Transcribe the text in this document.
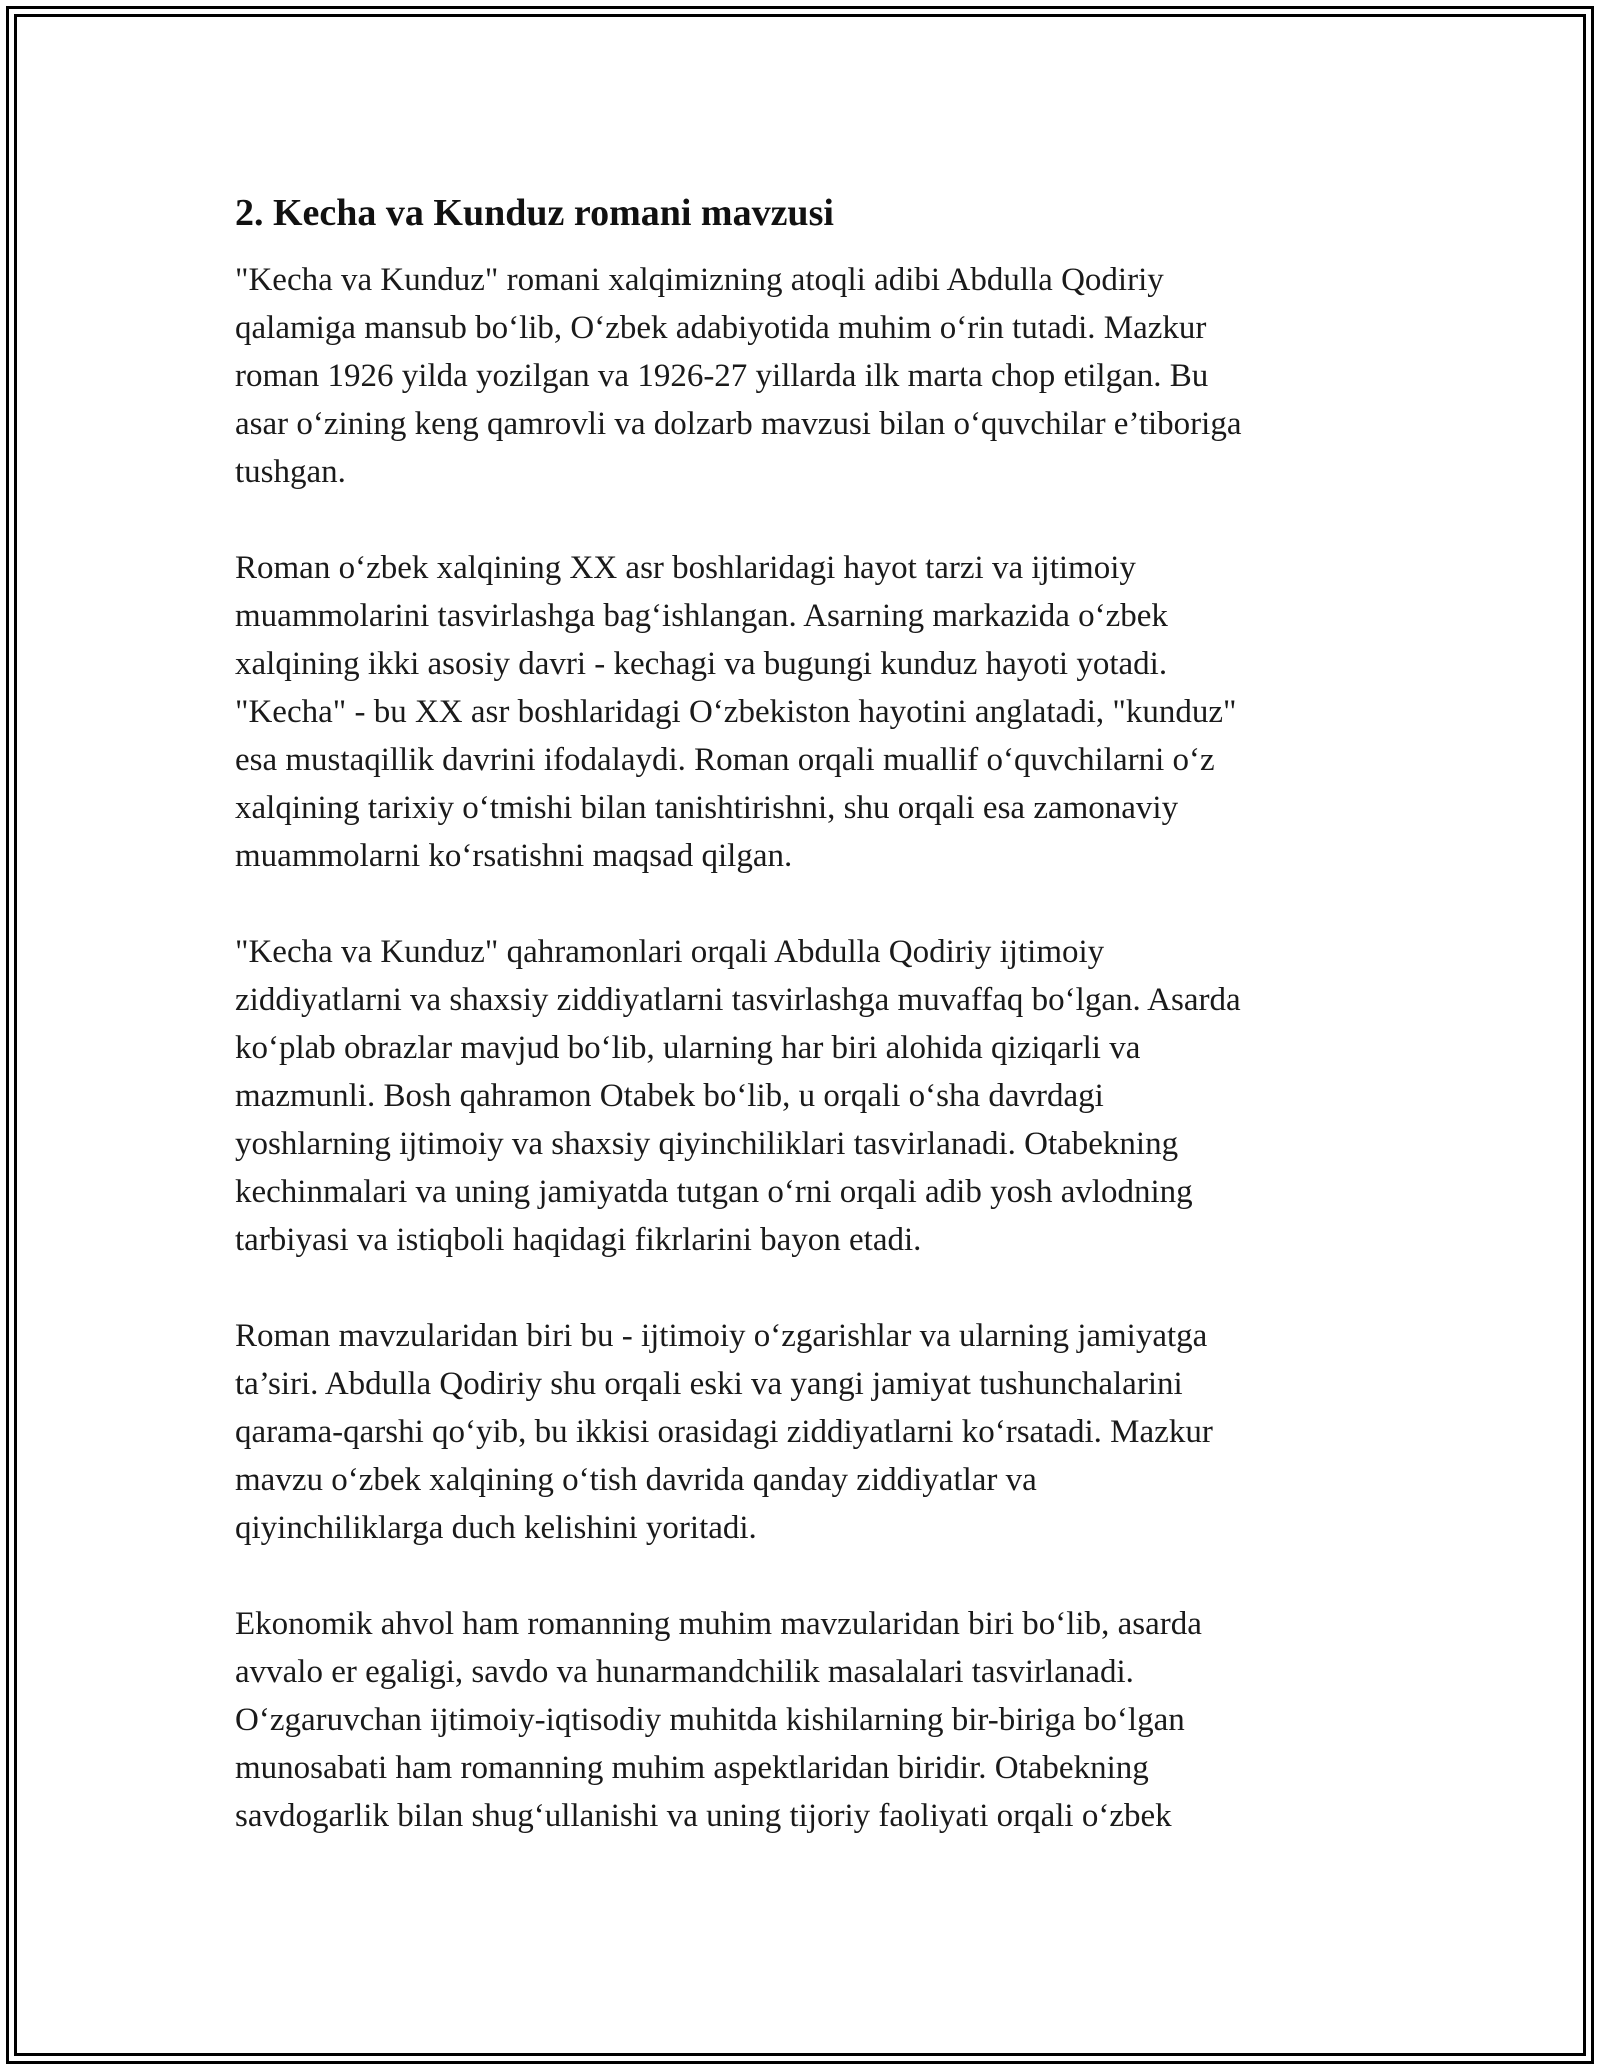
2. Kecha va Kunduz romani mavzusi
"Kecha va Kunduz" romani xalqimizning atoqli adibi Abdulla Qodiriy
qalamiga mansub bo‘lib, O‘zbek adabiyotida muhim o‘rin tutadi. Mazkur
roman 1926 yilda yozilgan va 1926-27 yillarda ilk marta chop etilgan. Bu
asar o‘zining keng qamrovli va dolzarb mavzusi bilan o‘quvchilar e’tiboriga
tushgan.
Roman o‘zbek xalqining XX asr boshlaridagi hayot tarzi va ijtimoiy
muammolarini tasvirlashga bag‘ishlangan. Asarning markazida o‘zbek
xalqining ikki asosiy davri - kechagi va bugungi kunduz hayoti yotadi.
"Kecha" - bu XX asr boshlaridagi O‘zbekiston hayotini anglatadi, "kunduz"
esa mustaqillik davrini ifodalaydi. Roman orqali muallif o‘quvchilarni o‘z
xalqining tarixiy o‘tmishi bilan tanishtirishni, shu orqali esa zamonaviy
muammolarni ko‘rsatishni maqsad qilgan.
"Kecha va Kunduz" qahramonlari orqali Abdulla Qodiriy ijtimoiy
ziddiyatlarni va shaxsiy ziddiyatlarni tasvirlashga muvaffaq bo‘lgan. Asarda
ko‘plab obrazlar mavjud bo‘lib, ularning har biri alohida qiziqarli va
mazmunli. Bosh qahramon Otabek bo‘lib, u orqali o‘sha davrdagi
yoshlarning ijtimoiy va shaxsiy qiyinchiliklari tasvirlanadi. Otabekning
kechinmalari va uning jamiyatda tutgan o‘rni orqali adib yosh avlodning
tarbiyasi va istiqboli haqidagi fikrlarini bayon etadi.
Roman mavzularidan biri bu - ijtimoiy o‘zgarishlar va ularning jamiyatga
ta’siri. Abdulla Qodiriy shu orqali eski va yangi jamiyat tushunchalarini
qarama-qarshi qo‘yib, bu ikkisi orasidagi ziddiyatlarni ko‘rsatadi. Mazkur
mavzu o‘zbek xalqining o‘tish davrida qanday ziddiyatlar va
qiyinchiliklarga duch kelishini yoritadi.
Ekonomik ahvol ham romanning muhim mavzularidan biri bo‘lib, asarda
avvalo er egaligi, savdo va hunarmandchilik masalalari tasvirlanadi.
O‘zgaruvchan ijtimoiy-iqtisodiy muhitda kishilarning bir-biriga bo‘lgan
munosabati ham romanning muhim aspektlaridan biridir. Otabekning
savdogarlik bilan shug‘ullanishi va uning tijoriy faoliyati orqali o‘zbek
